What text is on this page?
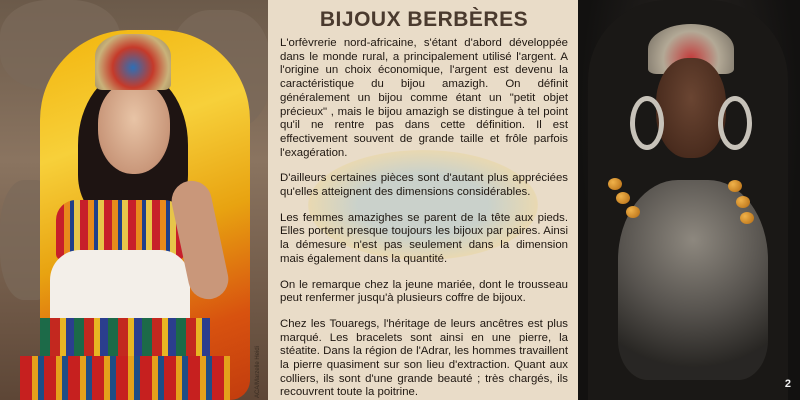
ACA/Marzelle Heidi
BIJOUX BERBÈRES

L'orfèvrerie nord-africaine, s'étant d'abord développée dans le monde rural, a principalement utilisé l'argent. A l'origine un choix économique, l'argent est devenu la caractéristique du bijou amazigh. On définit généralement un bijou comme étant un "petit objet précieux" , mais le bijou amazigh se distingue à tel point qu'il ne rentre pas dans cette définition. Il est effectivement souvent de grande taille et frôle parfois l'exagération.

D'ailleurs certaines pièces sont d'autant plus appréciées qu'elles atteignent des dimensions considérables.

Les femmes amazighes se parent de la tête aux pieds. Elles portent presque toujours les bijoux par paires. Ainsi la démesure n'est pas seulement dans la dimension mais également dans la quantité.

On le remarque chez la jeune mariée, dont le trousseau peut renfermer jusqu'à plusieurs coffre de bijoux.

Chez les Touaregs, l'héritage de leurs ancêtres est plus marqué. Les bracelets sont ainsi en une pierre, la stéatite. Dans la région de l'Adrar, les hommes travaillent la pierre quasiment sur son lieu d'extraction. Quant aux colliers, ils sont d'une grande beauté ; très chargés, ils recouvrent toute la poitrine.

2
